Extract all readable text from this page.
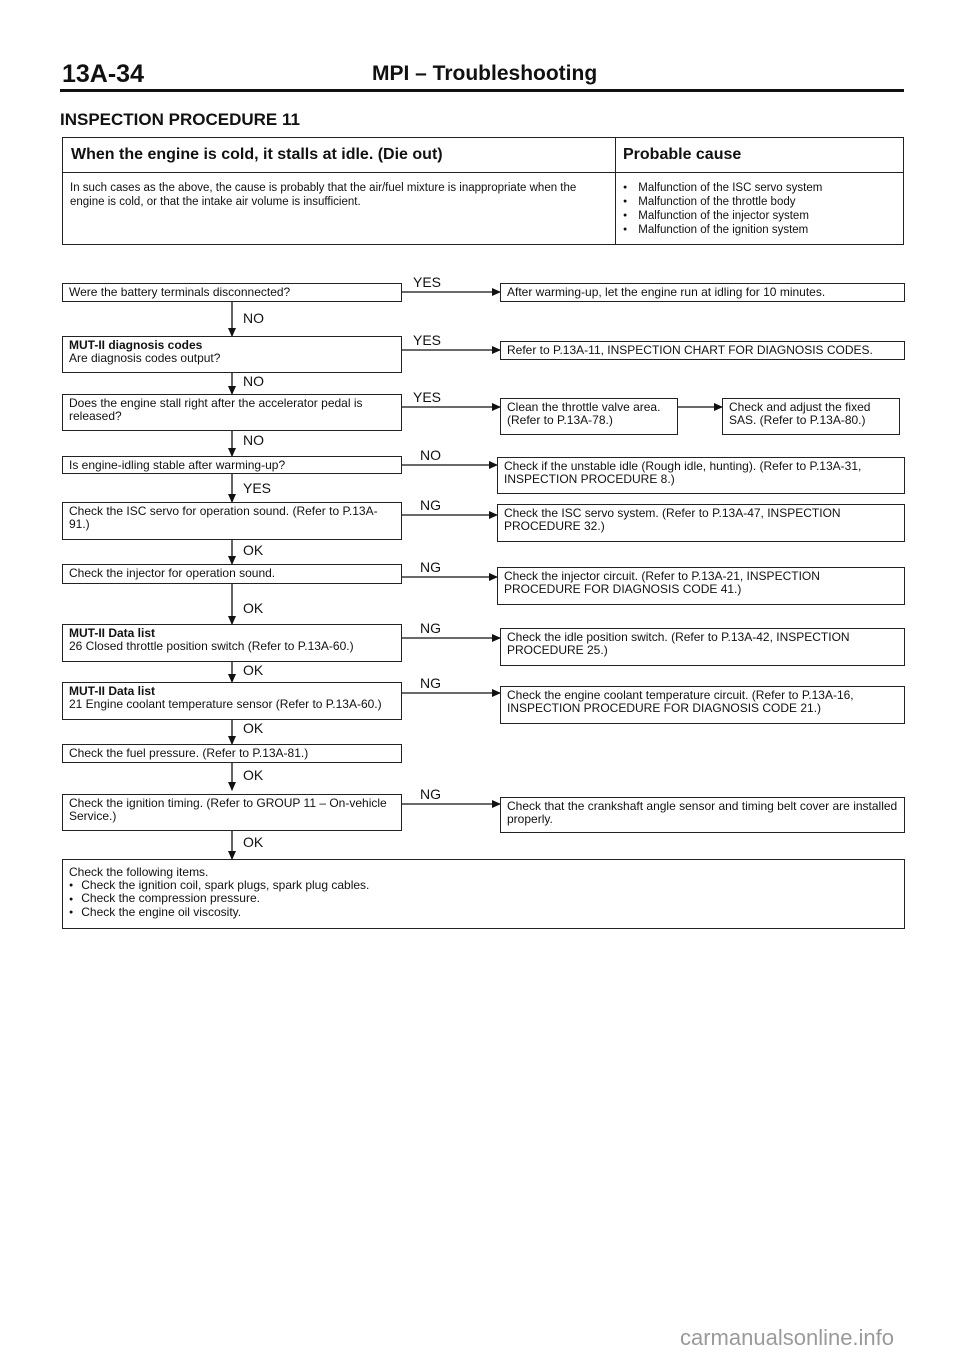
13A-34	MPI – Troubleshooting
INSPECTION PROCEDURE 11
When the engine is cold, it stalls at idle. (Die out)	Probable cause
In such cases as the above, the cause is probably that the air/fuel mixture is inappropriate when the engine is cold, or that the intake air volume is insufficient.
● Malfunction of the ISC servo system
● Malfunction of the throttle body
● Malfunction of the injector system
● Malfunction of the ignition system
Were the battery terminals disconnected?
MUT-II diagnosis codes
Are diagnosis codes output?
Does the engine stall right after the accelerator pedal is released?
Is engine-idling stable after warming-up?
Check the ISC servo for operation sound. (Refer to P.13A-91.)
Check the injector for operation sound.
MUT-II Data list
26 Closed throttle position switch (Refer to P.13A-60.)
MUT-II Data list
21 Engine coolant temperature sensor (Refer to P.13A-60.)
Check the fuel pressure. (Refer to P.13A-81.)
Check the ignition timing. (Refer to GROUP 11 – On-vehicle Service.)
After warming-up, let the engine run at idling for 10 minutes.
Refer to P.13A-11, INSPECTION CHART FOR DIAGNOSIS CODES.
Clean the throttle valve area. (Refer to P.13A-78.)
Check and adjust the fixed SAS. (Refer to P.13A-80.)
Check if the unstable idle (Rough idle, hunting). (Refer to P.13A-31, INSPECTION PROCEDURE 8.)
Check the ISC servo system. (Refer to P.13A-47, INSPECTION PROCEDURE 32.)
Check the injector circuit. (Refer to P.13A-21, INSPECTION PROCEDURE FOR DIAGNOSIS CODE 41.)
Check the idle position switch. (Refer to P.13A-42, INSPECTION PROCEDURE 25.)
Check the engine coolant temperature circuit. (Refer to P.13A-16, INSPECTION PROCEDURE FOR DIAGNOSIS CODE 21.)
Check that the crankshaft angle sensor and timing belt cover are installed properly.
Check the following items.
● Check the ignition coil, spark plugs, spark plug cables.
● Check the compression pressure.
● Check the engine oil viscosity.
YES
YES
YES
NO
NG
NG
NG
NG
NG
NO
NO
NO
YES
OK
OK
OK
OK
OK
OK
carmanualsonline.info
